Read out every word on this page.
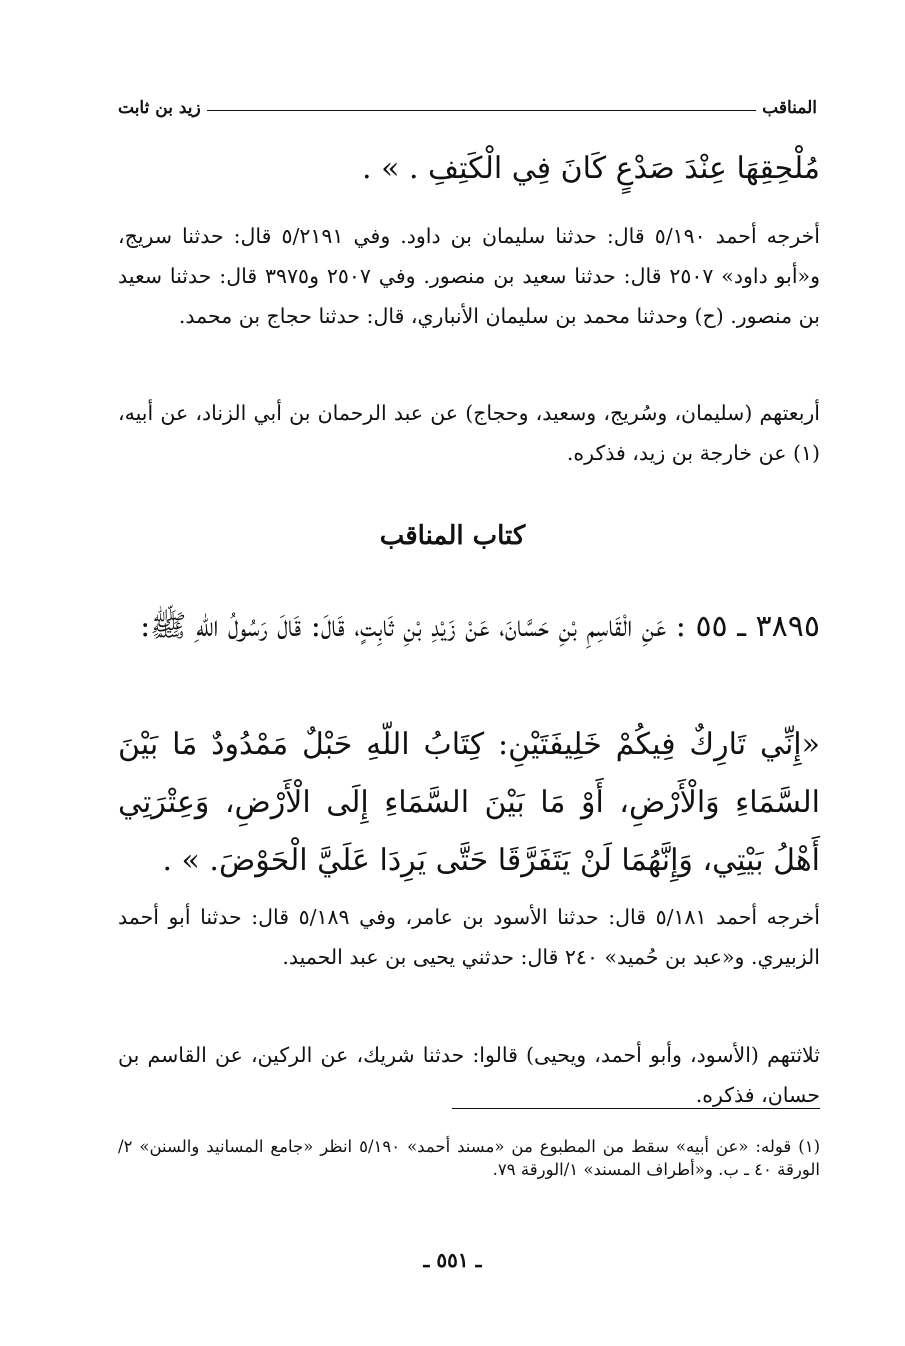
المناقب
زيد بن ثابت
مُلْحِقِهَا عِنْدَ صَدْعٍ كَانَ فِي الْكَتِفِ . » .
أخرجه أحمد ٥/١٩٠ قال: حدثنا سليمان بن داود. وفي ٥/٢١٩١ قال: حدثنا سريج، و«أبو داود» ٢٥٠٧ قال: حدثنا سعيد بن منصور. وفي ٢٥٠٧ و٣٩٧٥ قال: حدثنا سعيد بن منصور. (ح) وحدثنا محمد بن سليمان الأنباري، قال: حدثنا حجاج بن محمد.
أربعتهم (سليمان، وسُريج، وسعيد، وحجاج) عن عبد الرحمان بن أبي الزناد، عن أبيه،(١) عن خارجة بن زيد، فذكره.
كتاب المناقب
٣٨٩٥ ـ ٥٥ : عَنِ الْقَاسِمِ بْنِ حَسَّانَ، عَنْ زَيْدِ بْنِ ثَابِتٍ، قَالَ: قَالَ رَسُولُ اللّهِ ﷺ:
«إِنِّي تَارِكٌ فِيكُمْ خَلِيفَتَيْنِ: كِتَابُ اللّهِ حَبْلٌ مَمْدُودٌ مَا بَيْنَ السَّمَاءِ وَالْأَرْضِ، أَوْ مَا بَيْنَ السَّمَاءِ إِلَى الْأَرْضِ، وَعِتْرَتِي أَهْلُ بَيْتِي، وَإِنَّهُمَا لَنْ يَتَفَرَّقَا حَتَّى يَرِدَا عَلَيَّ الْحَوْضَ. » .
أخرجه أحمد ٥/١٨١ قال: حدثنا الأسود بن عامر، وفي ٥/١٨٩ قال: حدثنا أبو أحمد الزبيري. و«عبد بن حُميد» ٢٤٠ قال: حدثني يحيى بن عبد الحميد.
ثلاثتهم (الأسود، وأبو أحمد، ويحيى) قالوا: حدثنا شريك، عن الركين، عن القاسم بن حسان، فذكره.
(١) قوله: «عن أبيه» سقط من المطبوع من «مسند أحمد» ٥/١٩٠ انظر «جامع المسانيد والسنن» ٢/الورقة ٤٠ ـ ب. و«أطراف المسند» ١/الورقة ٧٩.
ـ ٥٥١ ـ
